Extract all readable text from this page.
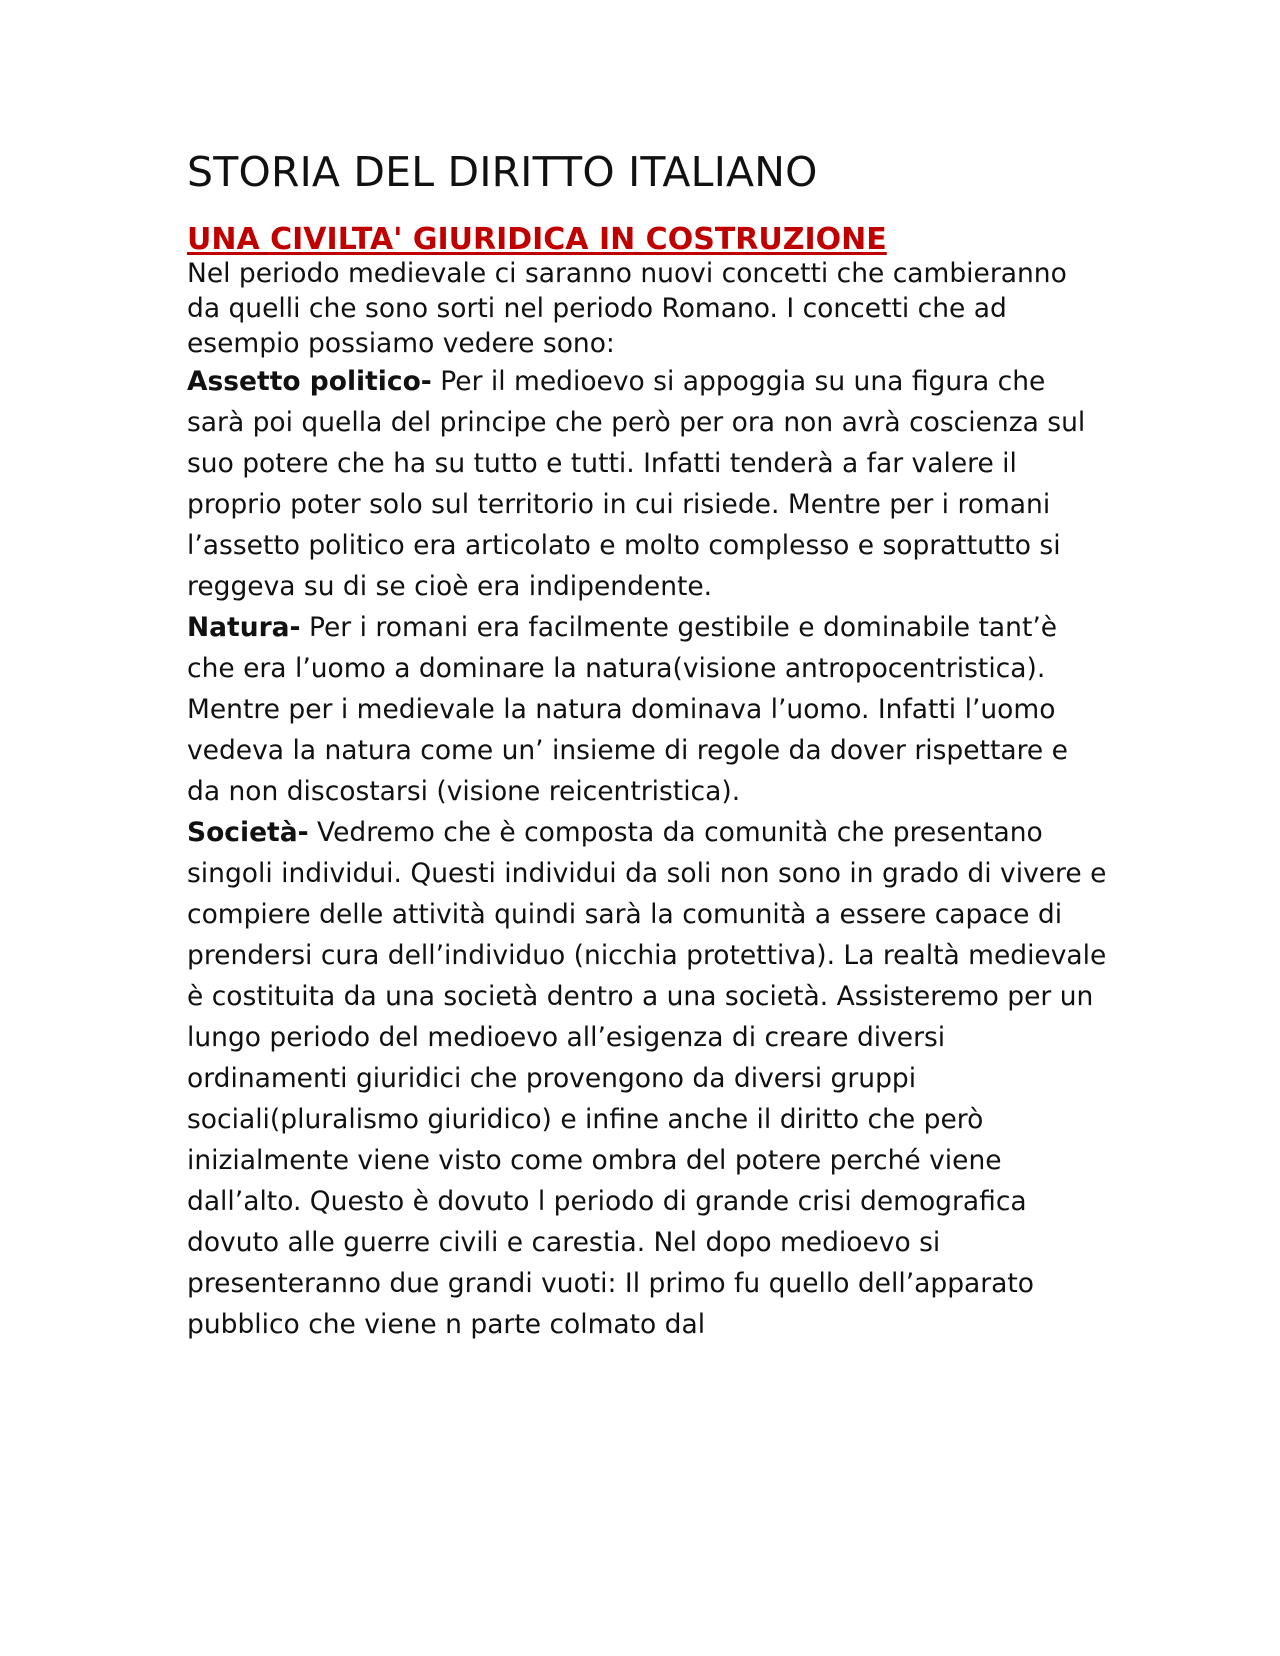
STORIA DEL DIRITTO ITALIANO
UNA CIVILTA' GIURIDICA IN COSTRUZIONE

Nel periodo medievale ci saranno nuovi concetti che cambieranno da quelli che sono sorti nel periodo Romano. I concetti che ad esempio possiamo vedere sono:

Assetto politico- Per il medioevo si appoggia su una figura che sarà poi quella del principe che però per ora non avrà coscienza sul suo potere che ha su tutto e tutti. Infatti tenderà a far valere il proprio poter solo sul territorio in cui risiede. Mentre per i romani l’assetto politico era articolato e molto complesso e soprattutto si reggeva su di se cioè era indipendente.

Natura- Per i romani era facilmente gestibile e dominabile tant’è che era l’uomo a dominare la natura(visione antropocentristica). Mentre per i medievale la natura dominava l’uomo. Infatti l’uomo vedeva la natura come un’ insieme di regole da dover rispettare e da non discostarsi (visione reicentristica).

Società- Vedremo che è composta da comunità che presentano singoli individui. Questi individui da soli non sono in grado di vivere e compiere delle attività quindi sarà la comunità a essere capace di prendersi cura dell’individuo (nicchia protettiva). La realtà medievale è costituita da una società dentro a una società. Assisteremo per un lungo periodo del medioevo all’esigenza di creare diversi ordinamenti giuridici che provengono da diversi gruppi sociali(pluralismo giuridico) e infine anche il diritto che però inizialmente viene visto come ombra del potere perché viene dall’alto. Questo è dovuto l periodo di grande crisi demografica dovuto alle guerre civili e carestia. Nel dopo medioevo si presenteranno due grandi vuoti: Il primo fu quello dell’apparato pubblico che viene n parte colmato dal
